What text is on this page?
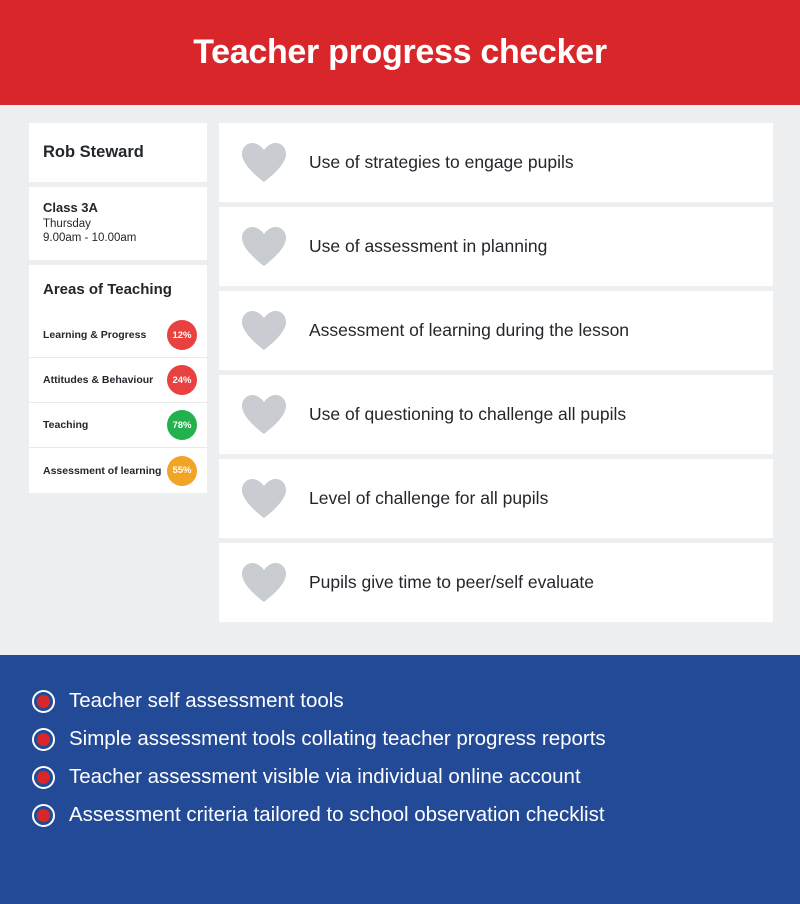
Teacher progress checker
Rob Steward
Class 3A
Thursday
9.00am - 10.00am
Areas of Teaching
Learning & Progress	12%
Attitudes & Behaviour	24%
Teaching	78%
Assessment of learning	55%
Use of strategies to engage pupils
Use of assessment in planning
Assessment of learning during the lesson
Use of questioning to challenge all pupils
Level of challenge for all pupils
Pupils give time to peer/self evaluate
Teacher self assessment tools
Simple assessment tools collating teacher progress reports
Teacher assessment visible via individual online account
Assessment criteria tailored to school observation checklist
